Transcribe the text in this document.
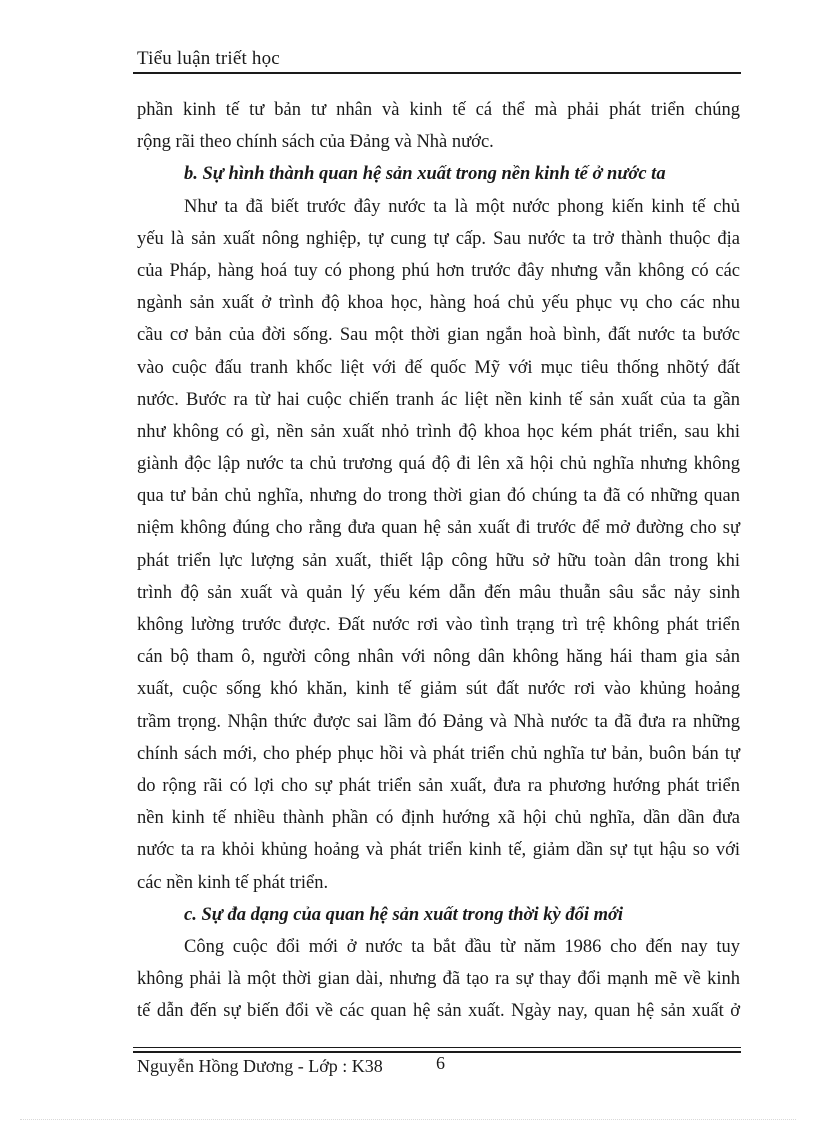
Tiểu luận triết học
phần kinh tế tư bản tư nhân và kinh tế cá thể mà phải phát triển chúng
rộng rãi theo chính sách của Đảng và Nhà nước.
b. Sự hình thành quan hệ sản xuất trong nền kinh tế ở nước ta
Như ta đã biết trước đây nước ta là một nước phong kiến kinh tế chủ
yếu là sản xuất nông nghiệp, tự cung tự cấp. Sau nước ta trở thành thuộc địa
của Pháp, hàng hoá tuy có phong phú hơn trước đây nhưng vẫn không có các
ngành sản xuất ở trình độ khoa học, hàng hoá chủ yếu phục vụ cho các nhu
cầu cơ bản của đời sống. Sau một thời gian ngắn hoà bình, đất nước ta bước
vào cuộc đấu tranh khốc liệt với đế quốc Mỹ với mục tiêu thống nhõtý đất
nước. Bước ra từ hai cuộc chiến tranh ác liệt nền kinh tế sản xuất của ta gần
như không có gì, nền sản xuất nhỏ trình độ khoa học kém phát triển, sau khi
giành độc lập nước ta chủ trương quá độ đi lên xã hội chủ nghĩa nhưng không
qua tư bản chủ nghĩa, nhưng do trong thời gian đó chúng ta đã có những quan
niệm không đúng cho rằng đưa quan hệ sản xuất đi trước để mở đường cho sự
phát triển lực lượng sản xuất, thiết lập công hữu sở hữu toàn dân trong khi
trình độ sản xuất và quản lý yếu kém dẫn đến mâu thuẫn sâu sắc nảy sinh
không lường trước được. Đất nước rơi vào tình trạng trì trệ không phát triển
cán bộ tham ô, người công nhân với nông dân không hăng hái tham gia sản
xuất, cuộc sống khó khăn, kinh tế giảm sút đất nước rơi vào khủng hoảng
trầm trọng. Nhận thức được sai lầm đó Đảng và Nhà nước ta đã đưa ra những
chính sách mới, cho phép phục hồi và phát triển chủ nghĩa tư bản, buôn bán tự
do rộng rãi có lợi cho sự phát triển sản xuất, đưa ra phương hướng phát triển
nền kinh tế nhiều thành phần có định hướng xã hội chủ nghĩa, dần dần đưa
nước ta ra khỏi khủng hoảng và phát triển kinh tế, giảm dần sự tụt hậu so với
các nền kinh tế phát triển.
c. Sự đa dạng của quan hệ sản xuất trong thời kỳ đổi mới
Công cuộc đổi mới ở nước ta bắt đầu từ năm 1986 cho đến nay tuy
không phải là một thời gian dài, nhưng đã tạo ra sự thay đổi mạnh mẽ về kinh
tế dẫn đến sự biến đổi về các quan hệ sản xuất. Ngày nay, quan hệ sản xuất ở
Nguyễn Hồng Dương - Lớp : K38	6
